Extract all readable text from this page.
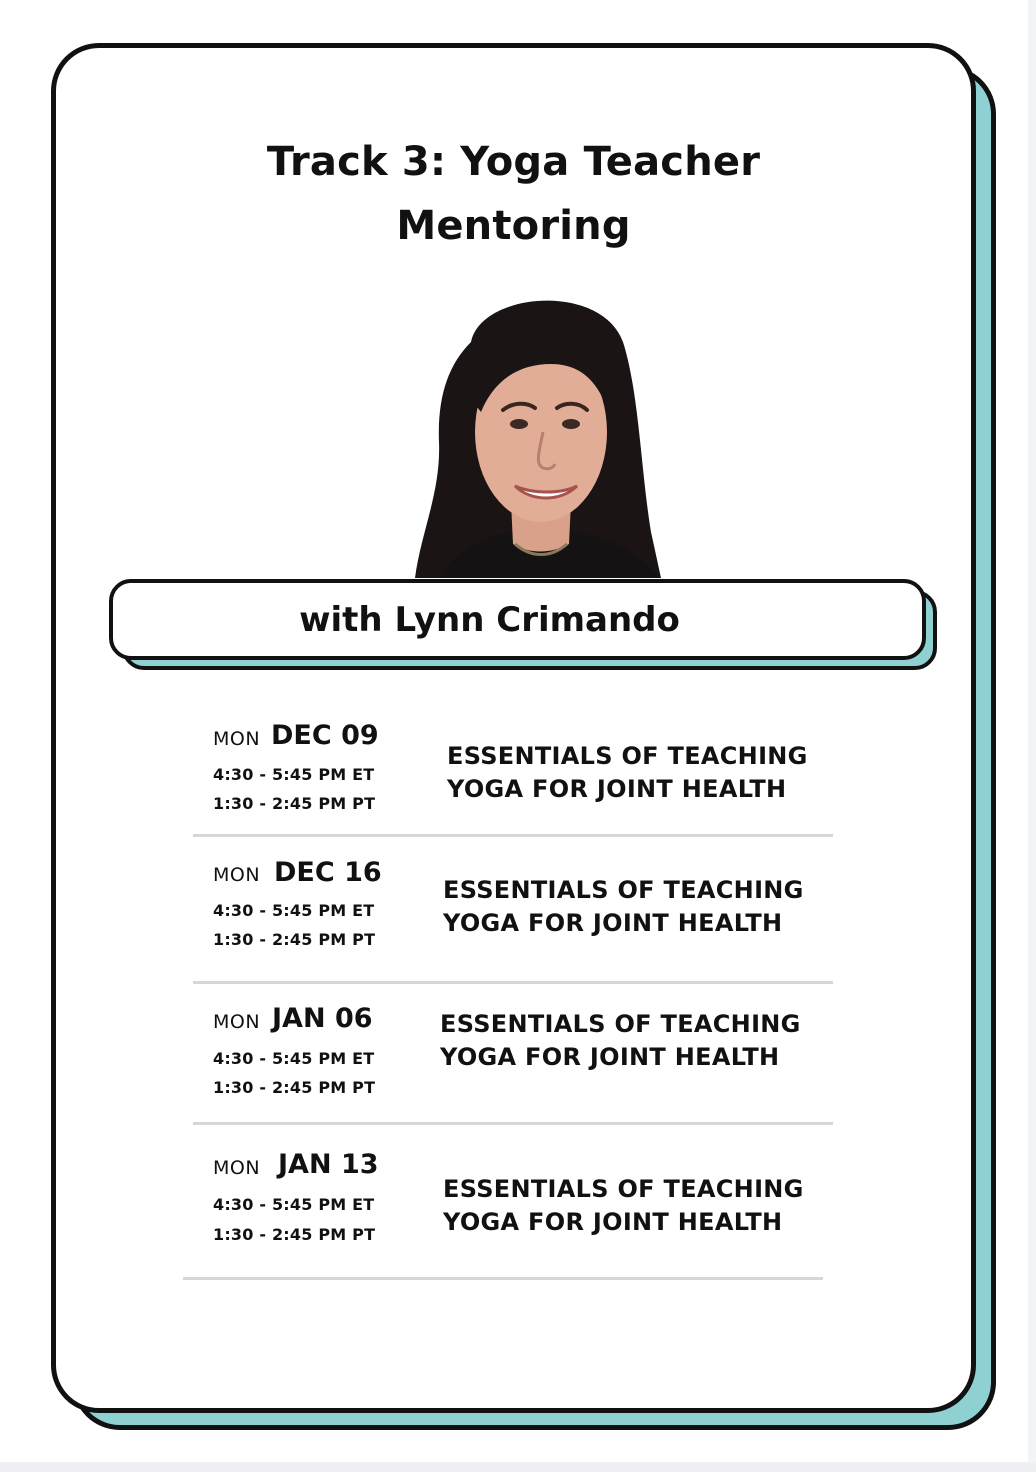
Track 3: Yoga Teacher
Mentoring
with Lynn Crimando
MON DEC 09
4:30 - 5:45 PM ET
1:30 - 2:45 PM PT
ESSENTIALS OF TEACHING
YOGA FOR JOINT HEALTH
MON DEC 16
4:30 - 5:45 PM ET
1:30 - 2:45 PM PT
ESSENTIALS OF TEACHING
YOGA FOR JOINT HEALTH
MON JAN 06
4:30 - 5:45 PM ET
1:30 - 2:45 PM PT
ESSENTIALS OF TEACHING
YOGA FOR JOINT HEALTH
MON JAN 13
4:30 - 5:45 PM ET
1:30 - 2:45 PM PT
ESSENTIALS OF TEACHING
YOGA FOR JOINT HEALTH
